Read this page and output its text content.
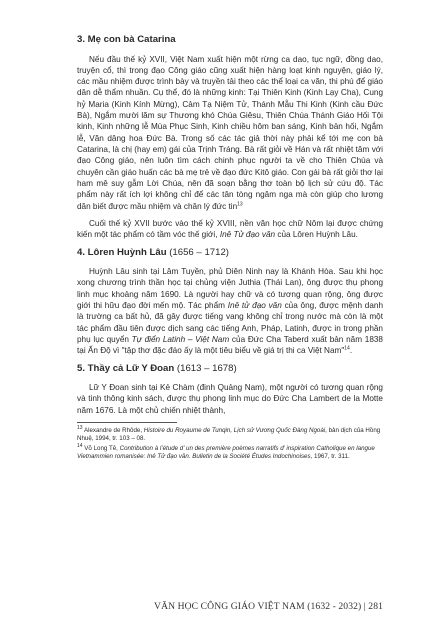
3. Mẹ con bà Catarina

Nếu đầu thế kỷ XVII, Việt Nam xuất hiện một rừng ca dao, tục ngữ, đồng dao, truyện cổ, thì trong đạo Công giáo cũng xuất hiện hàng loạt kinh nguyện, giáo lý, các mầu nhiệm được trình bày và truyền tải theo các thể loại ca văn, thi phú để giáo dân dễ thẩm nhuần. Cụ thể, đó là những kinh: Tại Thiên Kinh (Kinh Lạy Cha), Cung hỷ Maria (Kinh Kính Mừng), Cảm Tạ Niệm Tử, Thánh Mẫu Thi Kinh (Kinh cầu Đức Bà), Ngắm mười lăm sự Thương khó Chúa Giêsu, Thiên Chúa Thánh Giáo Hối Tội kinh, Kinh những lễ Mùa Phục Sinh, Kinh chiều hôm ban sáng, Kinh bản hối, Ngắm lễ, Văn dâng hoa Đức Bà. Trong số các tác giả thời này phải kể tới mẹ con bà Catarina, là chị (hay em) gái của Trịnh Tráng. Bà rất giỏi về Hán và rất nhiệt tâm với đạo Công giáo, nên luôn tìm cách chinh phục người ta về cho Thiên Chúa và chuyên cần giáo huấn các bà mẹ trẻ về đạo đức Kitô giáo. Con gái bà rất giỏi thơ lại ham mê suy gẫm Lời Chúa, nên đã soạn bằng thơ toàn bộ lịch sử cứu độ. Tác phẩm này rất ích lợi không chỉ để các tân tòng ngâm nga mà còn giúp cho lương dân biết được mầu nhiệm và chân lý đức tin$^{13}$

Cuối thế kỷ XVII bước vào thế kỷ XVIII, nền văn học chữ Nôm lại được chứng kiến một tác phẩm có tầm vóc thế giới, Inê Tử đạo văn của Lôren Huỳnh Lâu.

4. Lôren Huỳnh Lâu (1656 – 1712)

Huỳnh Lâu sinh tại Lâm Tuyền, phủ Diên Ninh nay là Khánh Hòa. Sau khi học xong chương trình thần học tại chủng viện Juthia (Thái Lan), ông được thụ phong linh mục khoảng năm 1690. Là người hay chữ và có tương quan rộng, ông được giới thi hữu đạo đời mến mộ. Tác phẩm Inê tử đạo văn của ông, được mệnh danh là trường ca bất hủ, đã gây được tiếng vang không chỉ trong nước mà còn là một tác phẩm đầu tiên được dịch sang các tiếng Anh, Pháp, Latinh, được in trong phần phụ lục quyển Tự điển Latinh – Việt Nam của Đức Cha Taberd xuất bản năm 1838 tại Ấn Độ vì "tập thơ đặc đáo ấy là một tiêu biểu về giá trị thi ca Việt Nam"$^{14}$.

5. Thầy cả Lữ Y Đoan (1613 – 1678)

Lữ Y Đoan sinh tại Kẻ Chàm (đinh Quảng Nam), một người có tương quan rộng và tinh thông kinh sách, được thụ phong linh mục do Đức Cha Lambert de la Motte năm 1676. Là một chủ chiến nhiệt thành,

$^{13}$ Alexandre de Rhôde, Histoire du Royaume de Tunqin, Lịch sử Vương Quốc Đàng Ngoài, bản dịch của Hồng Nhuệ, 1994, tr. 103 – 08.

$^{14}$ Võ Long Tê, Contribution à l’étude d’ un des première poèmes narratifs d’ inspiration Catholique en langue Vietnammien romanisée: Inê Tử đạo văn. Bulletin de la Société Études Indochinoises, 1967, tr. 311.

VĂN HỌC CÔNG GIÁO VIỆT NAM (1632 - 2032) | 281
